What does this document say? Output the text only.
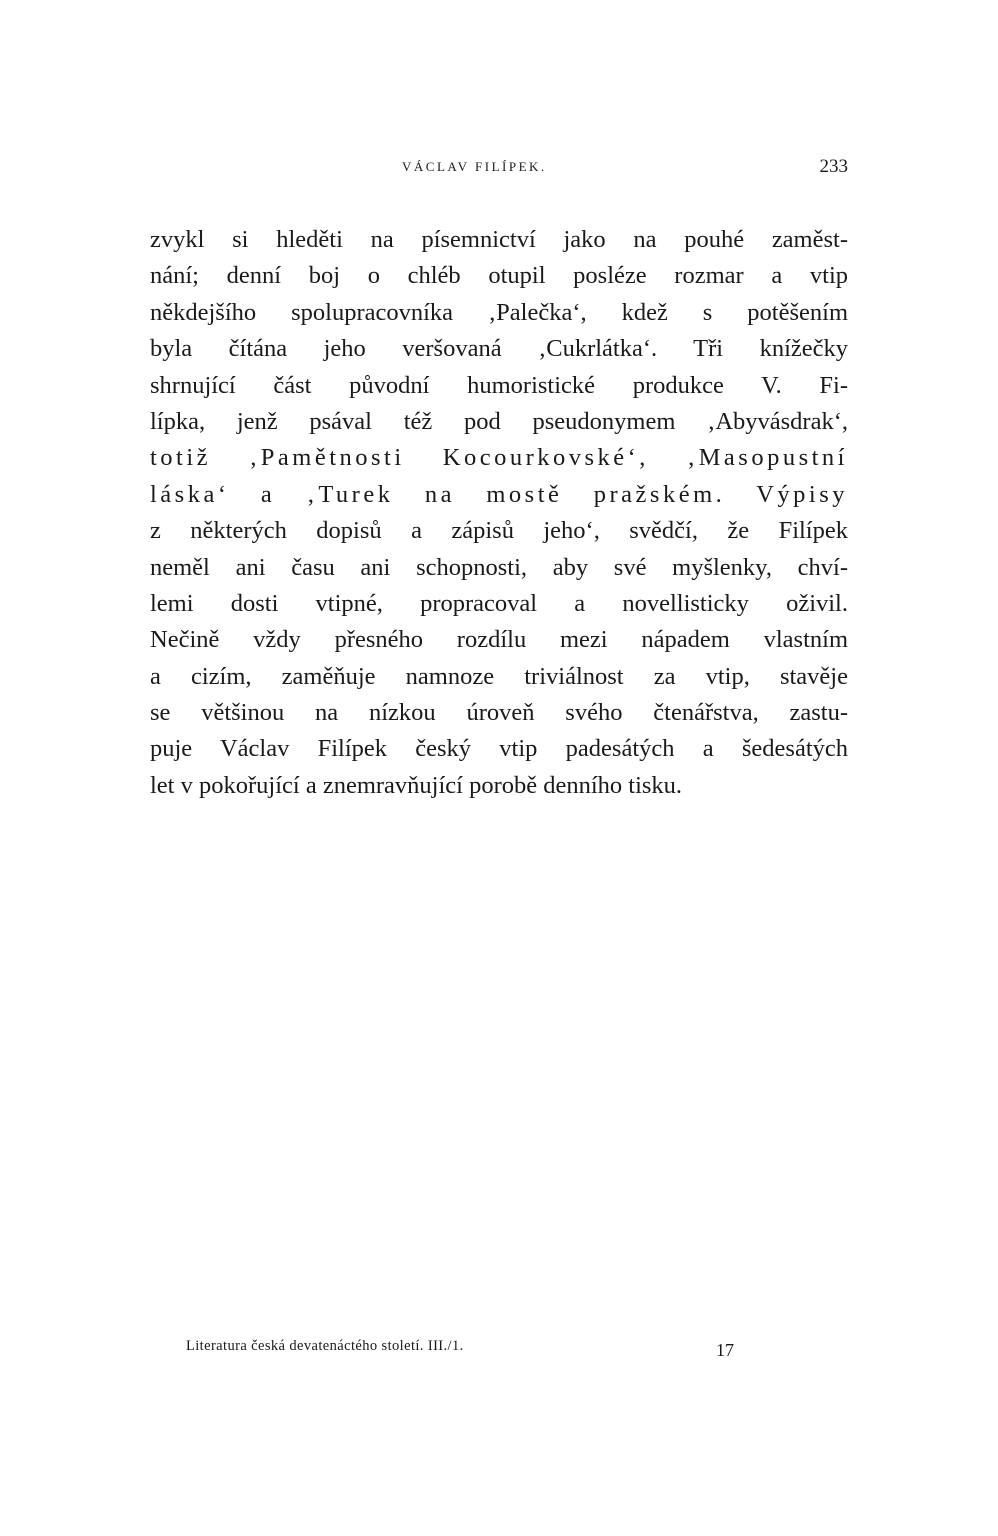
VÁCLAV FILÍPEK.	233
zvykl si hleděti na písemnictví jako na pouhé zaměst-
nání; denní boj o chléb otupil posléze rozmar a vtip
někdejšího spolupracovníka ‚Palečka‘, kdež s potěšením
byla čítána jeho veršovaná ‚Cukrlátka‘. Tři knížečky
shrnující část původní humoristické produkce V. Fi-
lípka, jenž psával též pod pseudonymem ‚Abyvásdrak‘,
totiž ‚Pamětnosti Kocourkovské‘, ‚Masopustní
láska‘ a ‚Turek na mostě pražském. Výpisy
z některých dopisů a zápisů jeho‘, svědčí, že Filípek
neměl ani času ani schopnosti, aby své myšlenky, chví-
lemi dosti vtipné, propracoval a novellisticky oživil.
Nečině vždy přesného rozdílu mezi nápadem vlastním
a cizím, zaměňuje namnoze triviálnost za vtip, stavěje
se většinou na nízkou úroveň svého čtenářstva, zastu-
puje Václav Filípek český vtip padesátých a šedesátých
let v pokořující a znemravňující porobě denního tisku.
Literatura česká devatenáctého století. III./1.	17
